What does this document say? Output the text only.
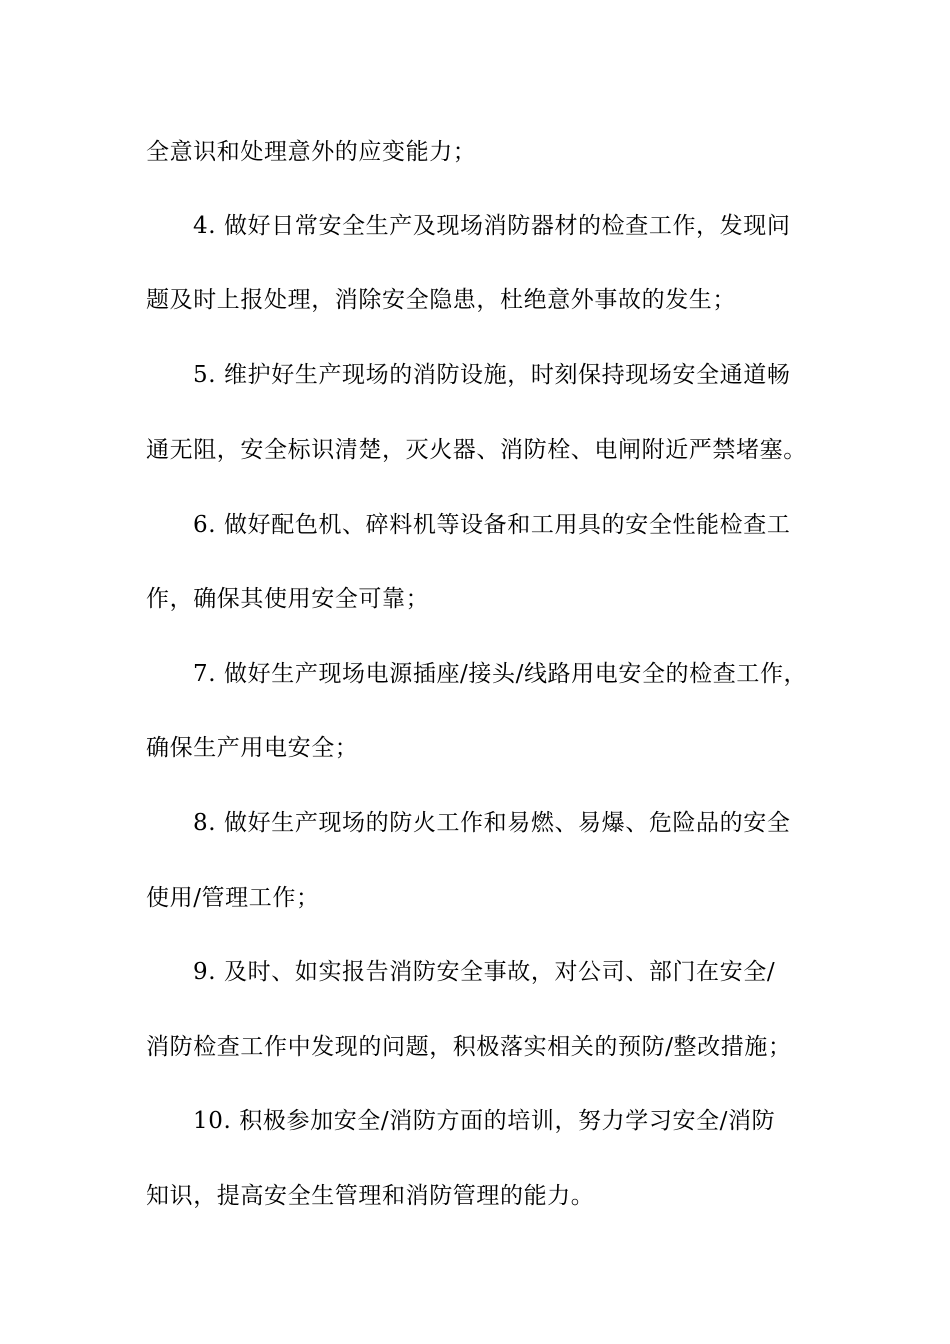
全意识和处理意外的应变能力；
4. 做好日常安全生产及现场消防器材的检查工作，发现问
题及时上报处理，消除安全隐患，杜绝意外事故的发生；
5. 维护好生产现场的消防设施，时刻保持现场安全通道畅
通无阻，安全标识清楚，灭火器、消防栓、电闸附近严禁堵塞。
6. 做好配色机、碎料机等设备和工用具的安全性能检查工
作，确保其使用安全可靠；
7. 做好生产现场电源插座/接头/线路用电安全的检查工作，
确保生产用电安全；
8. 做好生产现场的防火工作和易燃、易爆、危险品的安全
使用/管理工作；
9. 及时、如实报告消防安全事故，对公司、部门在安全/
消防检查工作中发现的问题，积极落实相关的预防/整改措施；
10. 积极参加安全/消防方面的培训，努力学习安全/消防
知识，提高安全生管理和消防管理的能力。
